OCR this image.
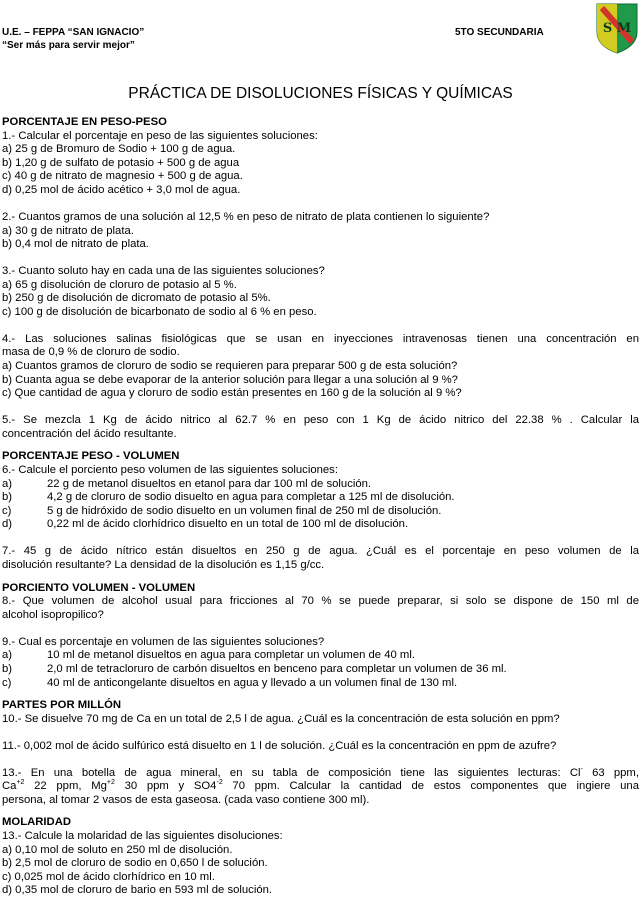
U.E. – FEPPA “SAN IGNACIO”
“Ser más para servir mejor”
5TO SECUNDARIA	S M
PRÁCTICA DE DISOLUCIONES FÍSICAS Y QUÍMICAS
PORCENTAJE EN PESO-PESO
1.- Calcular el porcentaje en peso de las siguientes soluciones:
a) 25 g de Bromuro de Sodio + 100 g de agua.
b) 1,20 g de sulfato de potasio + 500 g de agua
c) 40 g de nitrato de magnesio + 500 g de agua.
d) 0,25 mol de ácido acético + 3,0 mol de agua.
2.- Cuantos gramos de una solución al 12,5 % en peso de nitrato de plata contienen lo siguiente?
a) 30 g de nitrato de plata.
b) 0,4 mol de nitrato de plata.
3.- Cuanto soluto hay en cada una de las siguientes soluciones?
a) 65 g disolución de cloruro de potasio al 5 %.
b) 250 g de disolución de dicromato de potasio al 5%.
c) 100 g de disolución de bicarbonato de sodio al 6 % en peso.
4.- Las soluciones salinas fisiológicas que se usan en inyecciones intravenosas tienen una concentración en
masa de 0,9 % de cloruro de sodio.
a) Cuantos gramos de cloruro de sodio se requieren para preparar 500 g de esta solución?
b) Cuanta agua se debe evaporar de la anterior solución para llegar a una solución al 9 %?
c) Que cantidad de agua y cloruro de sodio están presentes en 160 g de la solución al 9 %?
5.- Se mezcla 1 Kg de ácido nitrico al 62.7 % en peso con 1 Kg de ácido nitrico del 22.38 % . Calcular la
concentración del ácido resultante.
PORCENTAJE PESO - VOLUMEN
6.- Calcule el porciento peso volumen de las siguientes soluciones:
a)	22 g de metanol disueltos en etanol para dar 100 ml de solución.
b)	4,2 g de cloruro de sodio disuelto en agua para completar a 125 ml de disolución.
c)	5 g de hidróxido de sodio disuelto en un volumen final de 250 ml de disolución.
d)	0,22 ml de ácido clorhídrico disuelto en un total de 100 ml de disolución.
7.- 45 g de ácido nítrico están disueltos en 250 g de agua. ¿Cuál es el porcentaje en peso volumen de la
disolución resultante? La densidad de la disolución es 1,15 g/cc.
PORCIENTO VOLUMEN - VOLUMEN
8.- Que volumen de alcohol usual para fricciones al 70 % se puede preparar, si solo se dispone de 150 ml de
alcohol isopropilico?
9.- Cual es porcentaje en volumen de las siguientes soluciones?
a)	10 ml de metanol disueltos en agua para completar un volumen de 40 ml.
b)	2,0 ml de tetracloruro de carbón disueltos en benceno para completar un volumen de 36 ml.
c)	40 ml de anticongelante disueltos en agua y llevado a un volumen final de 130 ml.
PARTES POR MILLÓN
10.- Se disuelve 70 mg de Ca en un total de 2,5 l de agua. ¿Cuál es la concentración de esta solución en ppm?
11.- 0,002 mol de ácido sulfúrico está disuelto en 1 l de solución. ¿Cuál es la concentración en ppm de azufre?
13.- En una botella de agua mineral, en su tabla de composición tiene las siguientes lecturas: Cl- 63 ppm,
$Ca^{+2}$ 22 ppm, $Mg^{+2}$ 30 ppm y $SO4^{-2}$ 70 ppm. Calcular la cantidad de estos componentes que ingiere una
persona, al tomar 2 vasos de esta gaseosa. (cada vaso contiene 300 ml).
MOLARIDAD
13.- Calcule la molaridad de las siguientes disoluciones:
a) 0,10 mol de soluto en 250 ml de disolución.
b) 2,5 mol de cloruro de sodio en 0,650 l de solución.
c) 0,025 mol de ácido clorhídrico en 10 ml.
d) 0,35 mol de cloruro de bario en 593 ml de solución.
